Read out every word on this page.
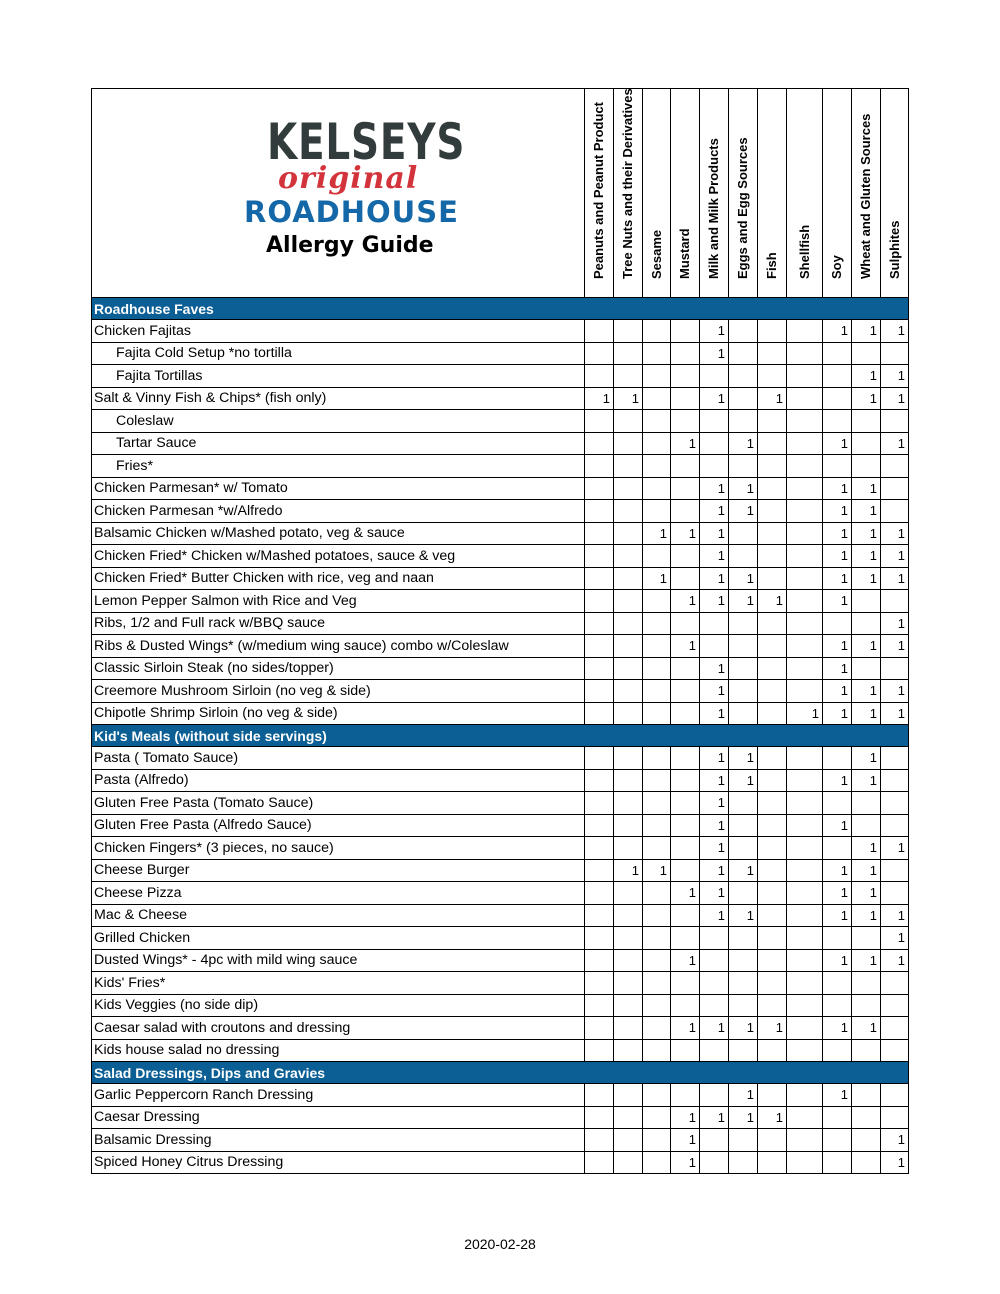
KELSEYS
original
ROADHOUSE
Allergy Guide	Peanuts and Peanut Product	Tree Nuts and their Derivatives	Sesame	Mustard	Milk and Milk Products	Eggs and Egg Sources	Fish	Shellfish	Soy	Wheat and Gluten Sources	Sulphites

Roadhouse Faves											
Chicken Fajitas					1				1	1	1
Fajita Cold Setup *no tortilla					1						
Fajita Tortillas										1	1
Salt & Vinny Fish & Chips* (fish only)	1	1			1		1			1	1
Coleslaw											
Tartar Sauce				1		1			1		1
Fries*											
Chicken Parmesan* w/ Tomato					1	1			1	1	
Chicken Parmesan *w/Alfredo					1	1			1	1	
Balsamic Chicken w/Mashed potato, veg & sauce			1	1	1				1	1	1
Chicken Fried* Chicken w/Mashed potatoes, sauce & veg					1				1	1	1
Chicken Fried* Butter Chicken with rice, veg and naan			1		1	1			1	1	1
Lemon Pepper Salmon with Rice and Veg				1	1	1	1		1		
Ribs, 1/2 and Full rack w/BBQ sauce											1
Ribs & Dusted Wings* (w/medium wing sauce) combo w/Coleslaw				1					1	1	1
Classic Sirloin Steak (no sides/topper)					1				1		
Creemore Mushroom Sirloin (no veg & side)					1				1	1	1
Chipotle Shrimp Sirloin (no veg & side)					1			1	1	1	1
Kid's Meals (without side servings)											
Pasta ( Tomato Sauce)					1	1				1	
Pasta (Alfredo)					1	1			1	1	
Gluten Free Pasta (Tomato Sauce)					1						
Gluten Free Pasta (Alfredo Sauce)					1				1		
Chicken Fingers* (3 pieces, no sauce)					1					1	1
Cheese Burger		1	1		1	1			1	1	
Cheese Pizza				1	1				1	1	
Mac & Cheese					1	1			1	1	1
Grilled Chicken											1
Dusted Wings* - 4pc with mild wing sauce				1					1	1	1
Kids' Fries*											
Kids Veggies (no side dip)											
Caesar salad with croutons and dressing				1	1	1	1		1	1	
Kids house salad no dressing											
Salad Dressings, Dips and Gravies											
Garlic Peppercorn Ranch Dressing						1			1		
Caesar Dressing				1	1	1	1				
Balsamic Dressing				1							1
Spiced Honey Citrus Dressing				1							1
2020-02-28
